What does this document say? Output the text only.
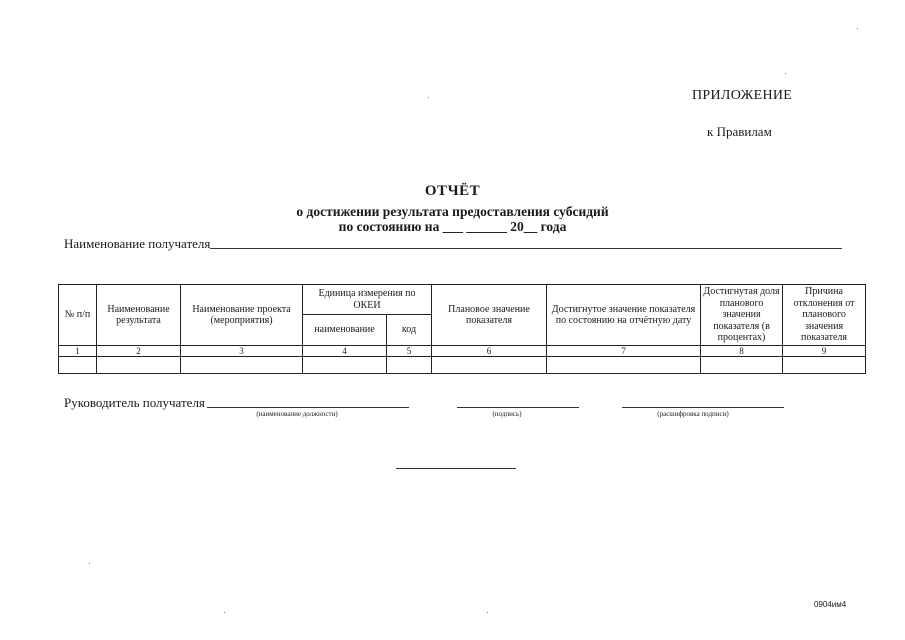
ПРИЛОЖЕНИЕ
к Правилам
ОТЧЁТ
о достижении результата предоставления субсидий
по состоянию на ___ ______ 20__ года
Наименование получателя
№ п/п	Наименование результата	Наименование проекта (мероприятия)	Единица измерения по ОКЕИ		Плановое значение показателя	Достигнутое значение показателя по состоянию на отчётную дату	Достигнутая доля планового значения показателя (в процентах)	Причина отклонения от планового значения показателя
			наименование	код				
1	2	3	4	5	6	7	8	9

Руководитель получателя
(наименование должности)	(подпись)	(расшифровка подписи)
0904им4
